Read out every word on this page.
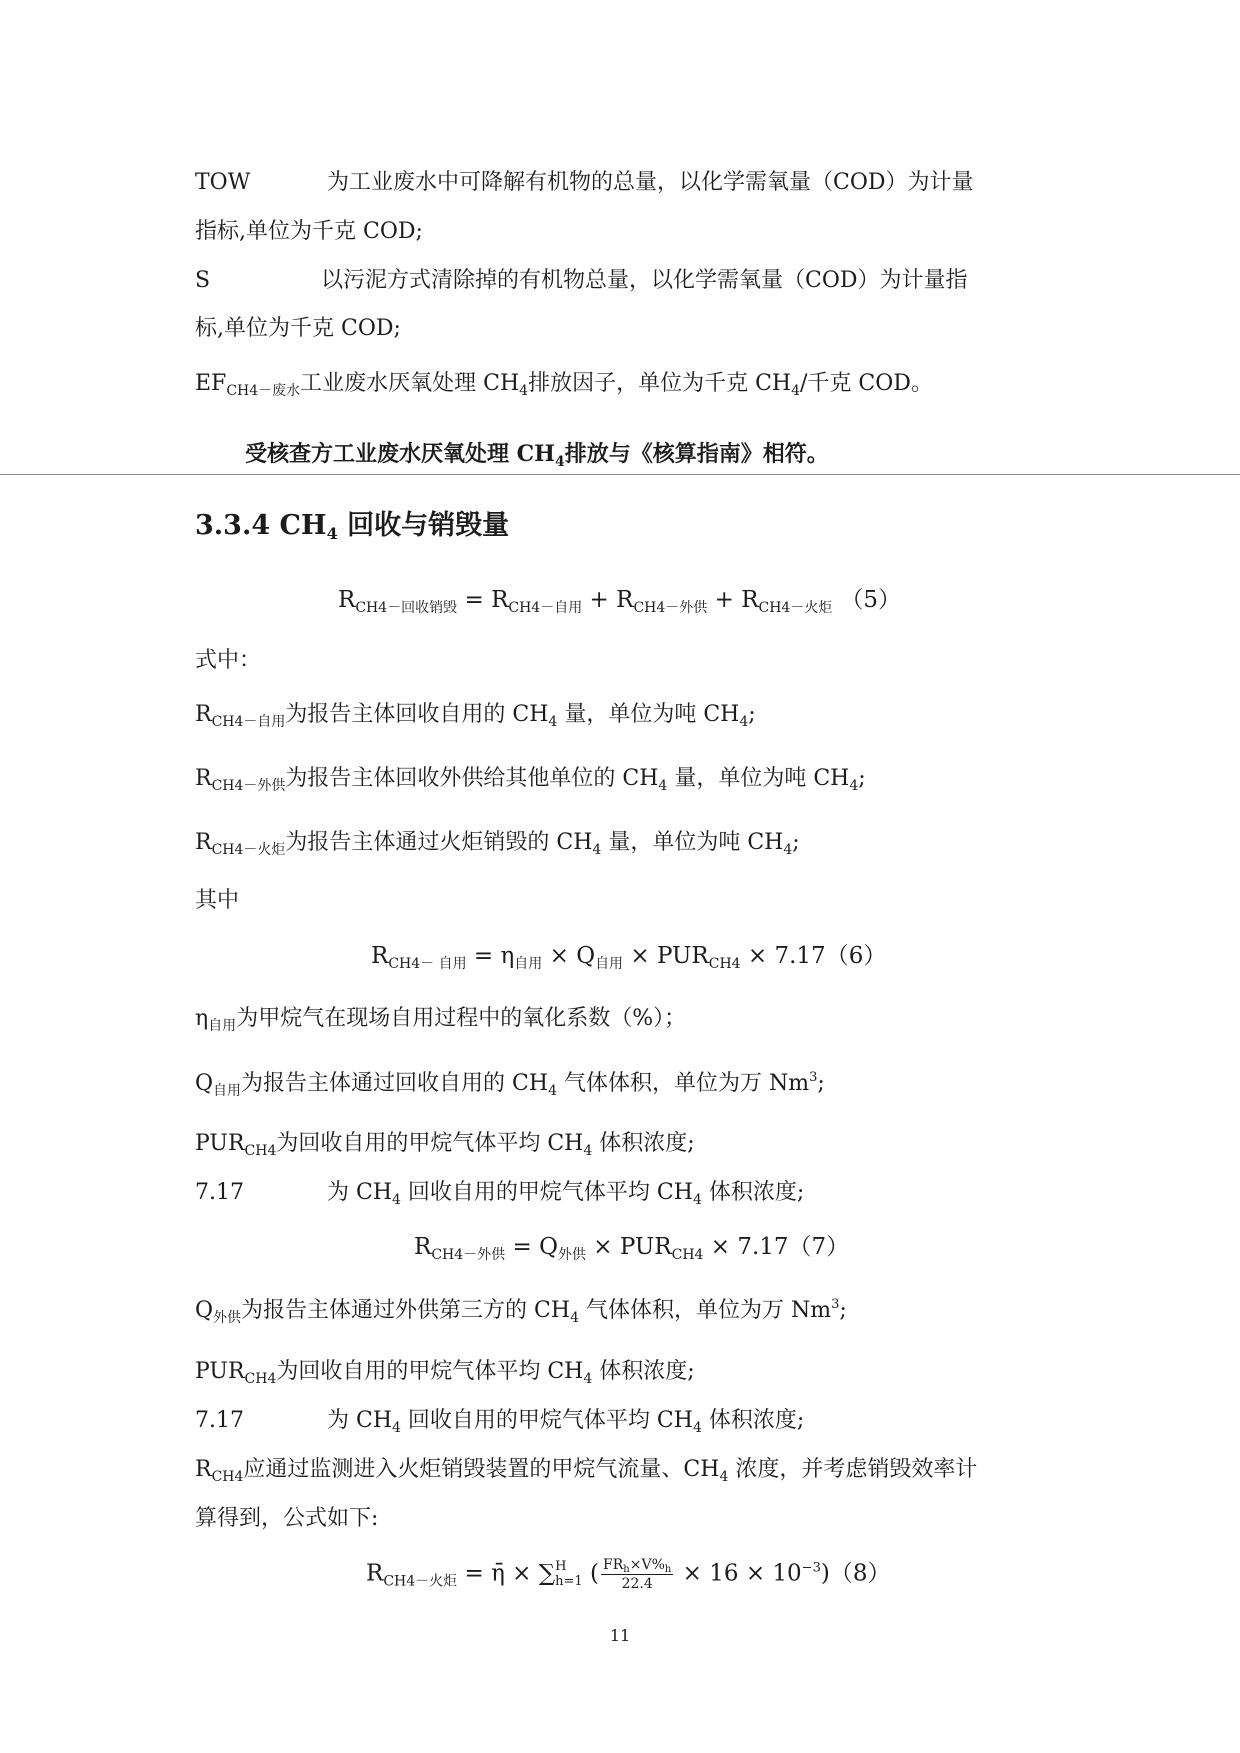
TOW	为工业废水中可降解有机物的总量，以化学需氧量（COD）为计量
指标,单位为千克 COD;
S	以污泥方式清除掉的有机物总量，以化学需氧量（COD）为计量指
标,单位为千克 COD;
$EF_{CH4-废水}$工业废水厌氧处理 $CH_4$排放因子，单位为千克 $CH_4/$千克 COD。
受核查方工业废水厌氧处理 $CH_4$排放与《核算指南》相符。
3.3.4 $CH_4$ 回收与销毁量
$R_{CH4-回收销毁} = R_{CH4-自用} + R_{CH4-外供} + R_{CH4-火炬}$ （5）
式中：
$R_{CH4-自用}$为报告主体回收自用的 $CH_4$ 量，单位为吨 $CH_4$;
$R_{CH4-外供}$为报告主体回收外供给其他单位的 $CH_4$ 量，单位为吨 $CH_4$;
$R_{CH4-火炬}$为报告主体通过火炬销毁的 $CH_4$ 量，单位为吨 $CH_4$;
其中
$R_{CH4- 自用} = \eta_{自用} \times Q_{自用} \times PUR_{CH4} \times 7.17(6)$
$\eta_{自用}$为甲烷气在现场自用过程中的氧化系数（%）；
$Q_{自用}$为报告主体通过回收自用的 $CH_4$ 气体体积，单位为万 Nm$^3$;
$PUR_{CH4}$为回收自用的甲烷气体平均 $CH_4$ 体积浓度;
7.17	为 $CH_4$ 回收自用的甲烷气体平均 $CH_4$ 体积浓度;
$R_{CH4-外供} = Q_{外供} \times PUR_{CH4} \times 7.17(7)$
$Q_{外供}$为报告主体通过外供第三方的 $CH_4$ 气体体积，单位为万 Nm$^3$;
$PUR_{CH4}$为回收自用的甲烷气体平均 $CH_4$ 体积浓度;
7.17	为 $CH_4$ 回收自用的甲烷气体平均 $CH_4$ 体积浓度;
$R_{CH4}$应通过监测进入火炬销毁装置的甲烷气流量、$CH_4$ 浓度，并考虑销毁效率计
算得到，公式如下:
$R_{CH4-火炬}$ = η̄ × ∑ H
h=1 ( $\frac{FR_h\times V\%_h}{22.4} \times 16 \times 10^{-3})(8)$
11
